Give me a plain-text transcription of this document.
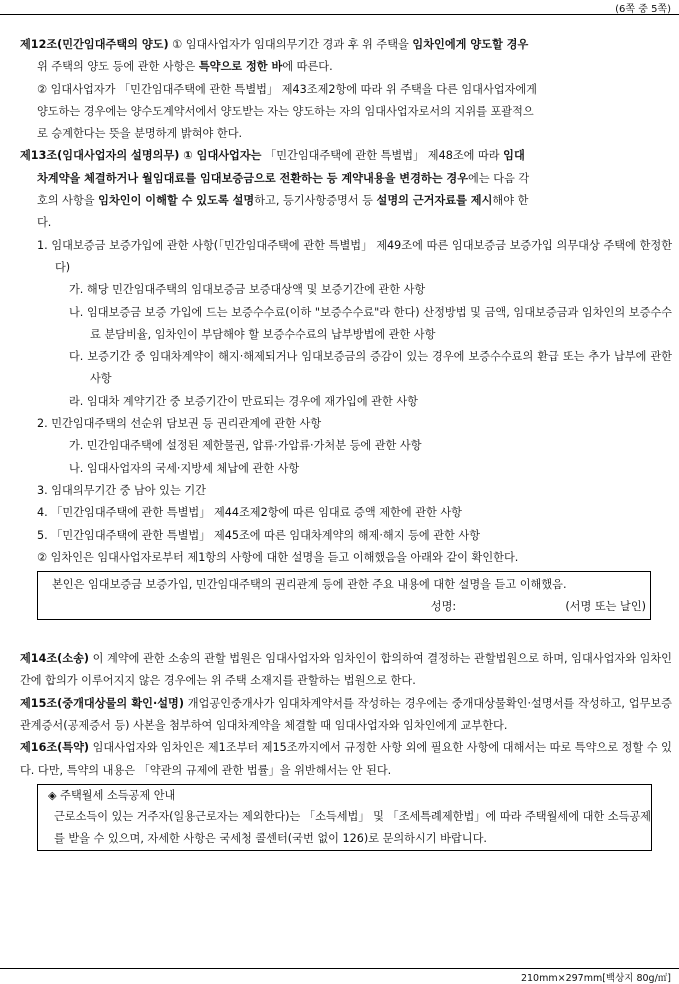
(6쪽 중 5쪽)

제12조(민간임대주택의 양도) ① 임대사업자가 임대의무기간 경과 후 위 주택을 임차인에게 양도할 경우

위 주택의 양도 등에 관한 사항은 특약으로 정한 바에 따른다.

② 임대사업자가 「민간임대주택에 관한 특별법」 제43조제2항에 따라 위 주택을 다른 임대사업자에게

양도하는 경우에는 양수도계약서에서 양도받는 자는 양도하는 자의 임대사업자로서의 지위를 포괄적으

로 승계한다는 뜻을 분명하게 밝혀야 한다.

제13조(임대사업자의 설명의무) ① 임대사업자는 「민간임대주택에 관한 특별법」 제48조에 따라 임대

차계약을 체결하거나 월임대료를 임대보증금으로 전환하는 등 계약내용을 변경하는 경우에는 다음 각

호의 사항을 임차인이 이해할 수 있도록 설명하고, 등기사항증명서 등 설명의 근거자료를 제시해야 한

다.

1. 임대보증금 보증가입에 관한 사항(「민간임대주택에 관한 특별법」 제49조에 따른 임대보증금 보증가입 의무대상 주택에 한정한다)

가. 해당 민간임대주택의 임대보증금 보증대상액 및 보증기간에 관한 사항

나. 임대보증금 보증 가입에 드는 보증수수료(이하 "보증수수료"라 한다) 산정방법 및 금액, 임대보증금과 임차인의 보증수수료 분담비율, 임차인이 부담해야 할 보증수수료의 납부방법에 관한 사항

다. 보증기간 중 임대차계약이 해지·해제되거나 임대보증금의 증감이 있는 경우에 보증수수료의 환급 또는 추가 납부에 관한 사항

라. 임대차 계약기간 중 보증기간이 만료되는 경우에 재가입에 관한 사항

2. 민간임대주택의 선순위 담보권 등 권리관계에 관한 사항

가. 민간임대주택에 설정된 제한물권, 압류·가압류·가처분 등에 관한 사항

나. 임대사업자의 국세·지방세 체납에 관한 사항

3. 임대의무기간 중 남아 있는 기간

4. 「민간임대주택에 관한 특별법」 제44조제2항에 따른 임대료 증액 제한에 관한 사항

5. 「민간임대주택에 관한 특별법」 제45조에 따른 임대차계약의 해제·해지 등에 관한 사항

② 임차인은 임대사업자로부터 제1항의 사항에 대한 설명을 듣고 이해했음을 아래와 같이 확인한다.

본인은 임대보증금 보증가입, 민간임대주택의 권리관계 등에 관한 주요 내용에 대한 설명을 듣고 이해했음.

성명:	(서명 또는 날인)

제14조(소송) 이 계약에 관한 소송의 관할 법원은 임대사업자와 임차인이 합의하여 결정하는 관할법원으로 하며, 임대사업자와 임차인 간에 합의가 이루어지지 않은 경우에는 위 주택 소재지를 관할하는 법원으로 한다.

제15조(중개대상물의 확인·설명) 개업공인중개사가 임대차계약서를 작성하는 경우에는 중개대상물확인·설명서를 작성하고, 업무보증 관계증서(공제증서 등) 사본을 첨부하여 임대차계약을 체결할 때 임대사업자와 임차인에게 교부한다.

제16조(특약) 임대사업자와 임차인은 제1조부터 제15조까지에서 규정한 사항 외에 필요한 사항에 대해서는 따로 특약으로 정할 수 있다. 다만, 특약의 내용은 「약관의 규제에 관한 법률」을 위반해서는 안 된다.

◈ 주택월세 소득공제 안내

근로소득이 있는 거주자(일용근로자는 제외한다)는 「소득세법」 및 「조세특례제한법」에 따라 주택월세에 대한 소득공제를 받을 수 있으며, 자세한 사항은 국세청 콜센터(국번 없이 126)로 문의하시기 바랍니다.

210mm×297mm[백상지 80g/㎡]
